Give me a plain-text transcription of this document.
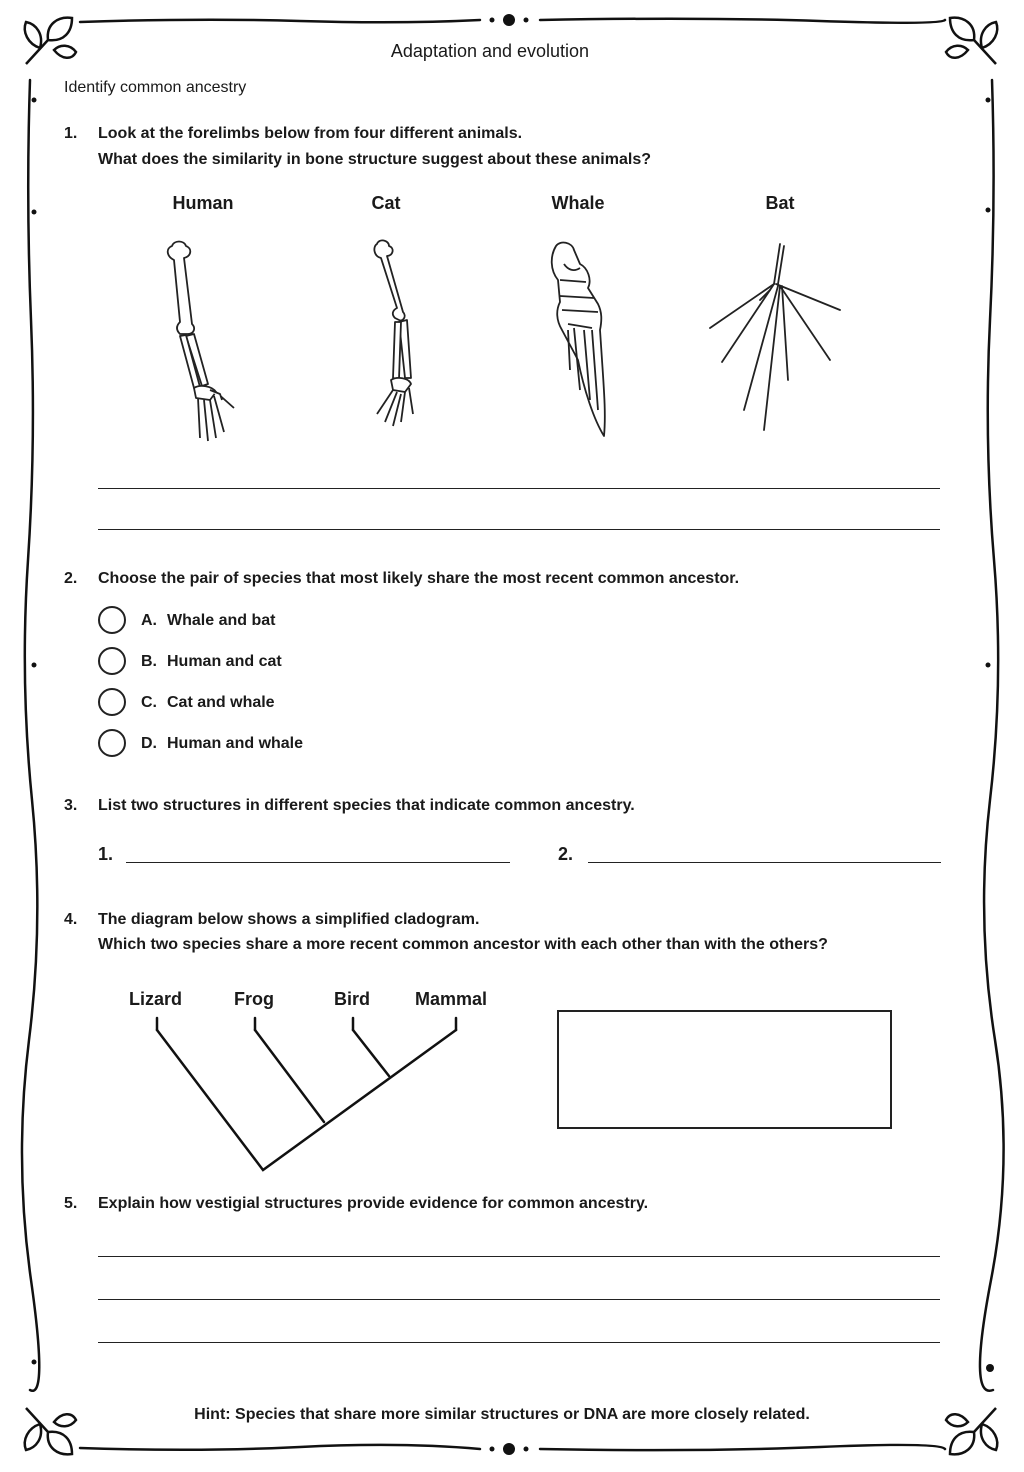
Adaptation and evolution
Identify common ancestry
1. Look at the forelimbs below from four different animals.
What does the similarity in bone structure suggest about these animals?
Human	Cat	Whale	Bat
2. Choose the pair of species that most likely share the most recent common ancestor.
A. Whale and bat
B. Human and cat
C. Cat and whale
D. Human and whale
3. List two structures in different species that indicate common ancestry.
1.	2.
4. The diagram below shows a simplified cladogram.
Which two species share a more recent common ancestor with each other than with the others?
Lizard	Frog	Bird	Mammal
5. Explain how vestigial structures provide evidence for common ancestry.
Hint: Species that share more similar structures or DNA are more closely related.
